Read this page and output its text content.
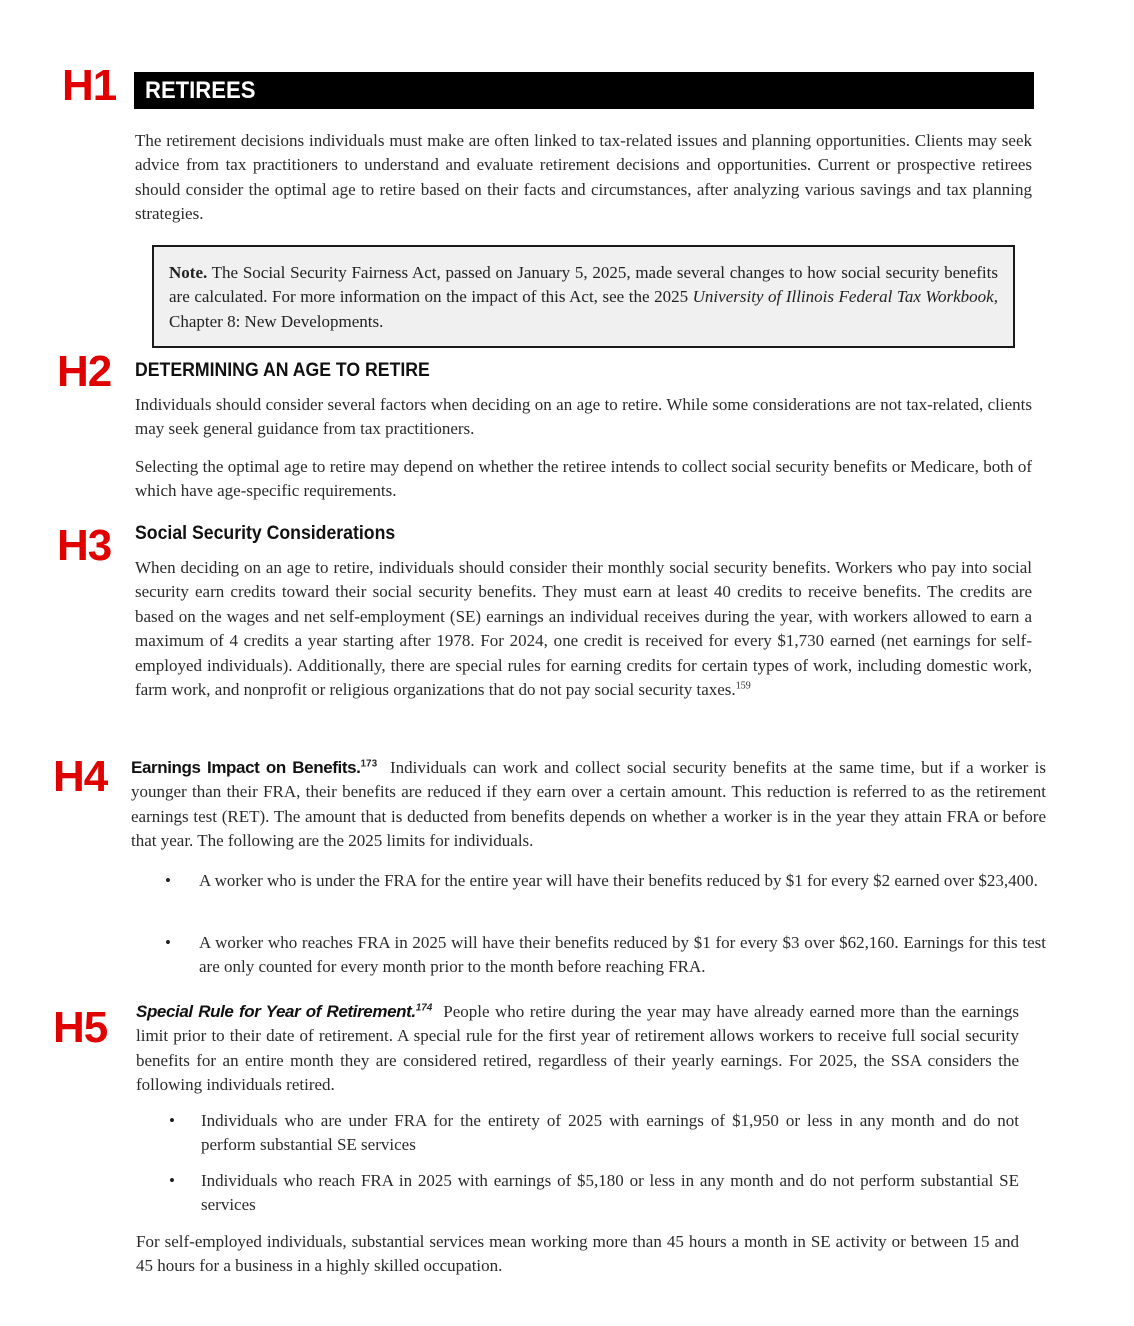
H1
H2
H3
H4
H5
RETIREES

The retirement decisions individuals must make are often linked to tax-related issues and planning opportunities. Clients may seek advice from tax practitioners to understand and evaluate retirement decisions and opportunities. Current or prospective retirees should consider the optimal age to retire based on their facts and circumstances, after analyzing various savings and tax planning strategies.

Note. The Social Security Fairness Act, passed on January 5, 2025, made several changes to how social security benefits are calculated. For more information on the impact of this Act, see the 2025 University of Illinois Federal Tax Workbook, Chapter 8: New Developments.

DETERMINING AN AGE TO RETIRE

Individuals should consider several factors when deciding on an age to retire. While some considerations are not tax-related, clients may seek general guidance from tax practitioners.

Selecting the optimal age to retire may depend on whether the retiree intends to collect social security benefits or Medicare, both of which have age-specific requirements.

Social Security Considerations

When deciding on an age to retire, individuals should consider their monthly social security benefits. Workers who pay into social security earn credits toward their social security benefits. They must earn at least 40 credits to receive benefits. The credits are based on the wages and net self-employment (SE) earnings an individual receives during the year, with workers allowed to earn a maximum of 4 credits a year starting after 1978. For 2024, one credit is received for every $1,730 earned (net earnings for self-employed individuals). Additionally, there are special rules for earning credits for certain types of work, including domestic work, farm work, and nonprofit or religious organizations that do not pay social security taxes.$^{159}$

Earnings Impact on Benefits.$^{173}$ Individuals can work and collect social security benefits at the same time, but if a worker is younger than their FRA, their benefits are reduced if they earn over a certain amount. This reduction is referred to as the retirement earnings test (RET). The amount that is deducted from benefits depends on whether a worker is in the year they attain FRA or before that year. The following are the 2025 limits for individuals.

• A worker who is under the FRA for the entire year will have their benefits reduced by $1 for every $2 earned over $23,400.

• A worker who reaches FRA in 2025 will have their benefits reduced by $1 for every $3 over $62,160. Earnings for this test are only counted for every month prior to the month before reaching FRA.

Special Rule for Year of Retirement.$^{174}$ People who retire during the year may have already earned more than the earnings limit prior to their date of retirement. A special rule for the first year of retirement allows workers to receive full social security benefits for an entire month they are considered retired, regardless of their yearly earnings. For 2025, the SSA considers the following individuals retired.

• Individuals who are under FRA for the entirety of 2025 with earnings of $1,950 or less in any month and do not perform substantial SE services

• Individuals who reach FRA in 2025 with earnings of $5,180 or less in any month and do not perform substantial SE services

For self-employed individuals, substantial services mean working more than 45 hours a month in SE activity or between 15 and 45 hours for a business in a highly skilled occupation.
